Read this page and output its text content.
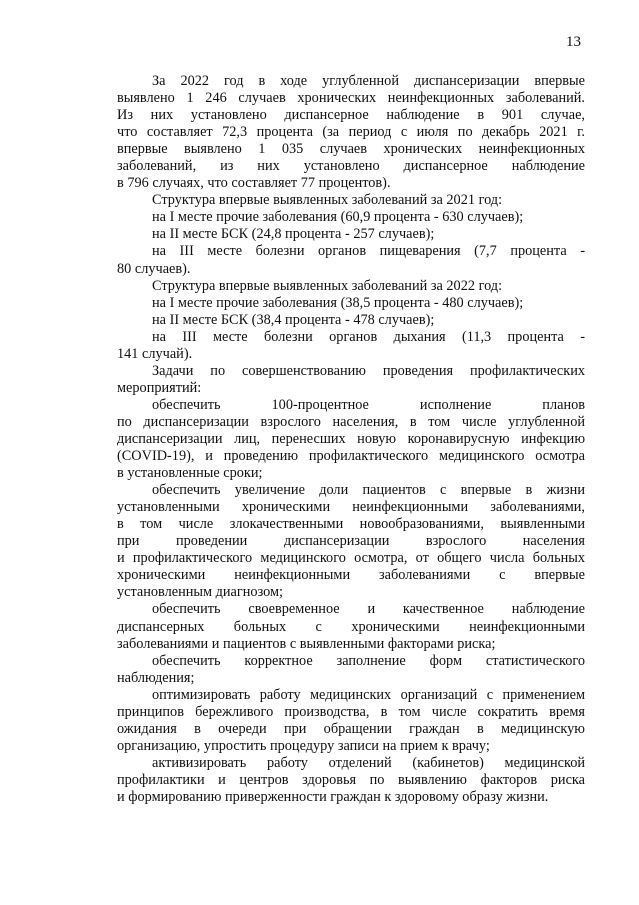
13
За 2022 год в ходе углубленной диспансеризации впервые
выявлено 1 246 случаев хронических неинфекционных заболеваний.
Из них установлено диспансерное наблюдение в 901 случае,
что составляет 72,3 процента (за период с июля по декабрь 2021 г.
впервые выявлено 1 035 случаев хронических неинфекционных
заболеваний, из них установлено диспансерное наблюдение
в 796 случаях, что составляет 77 процентов).
Структура впервые выявленных заболеваний за 2021 год:
на I месте прочие заболевания (60,9 процента - 630 случаев);
на II месте БСК (24,8 процента - 257 случаев);
на III месте болезни органов пищеварения (7,7 процента -
80 случаев).
Структура впервые выявленных заболеваний за 2022 год:
на I месте прочие заболевания (38,5 процента - 480 случаев);
на II месте БСК (38,4 процента - 478 случаев);
на III месте болезни органов дыхания (11,3 процента -
141 случай).
Задачи по совершенствованию проведения профилактических
мероприятий:
обеспечить 100-процентное исполнение планов
по диспансеризации взрослого населения, в том числе углубленной
диспансеризации лиц, перенесших новую коронавирусную инфекцию
(COVID-19), и проведению профилактического медицинского осмотра
в установленные сроки;
обеспечить увеличение доли пациентов с впервые в жизни
установленными хроническими неинфекционными заболеваниями,
в том числе злокачественными новообразованиями, выявленными
при проведении диспансеризации взрослого населения
и профилактического медицинского осмотра, от общего числа больных
хроническими неинфекционными заболеваниями с впервые
установленным диагнозом;
обеспечить своевременное и качественное наблюдение
диспансерных больных с хроническими неинфекционными
заболеваниями и пациентов с выявленными факторами риска;
обеспечить корректное заполнение форм статистического
наблюдения;
оптимизировать работу медицинских организаций с применением
принципов бережливого производства, в том числе сократить время
ожидания в очереди при обращении граждан в медицинскую
организацию, упростить процедуру записи на прием к врачу;
активизировать работу отделений (кабинетов) медицинской
профилактики и центров здоровья по выявлению факторов риска
и формированию приверженности граждан к здоровому образу жизни.
